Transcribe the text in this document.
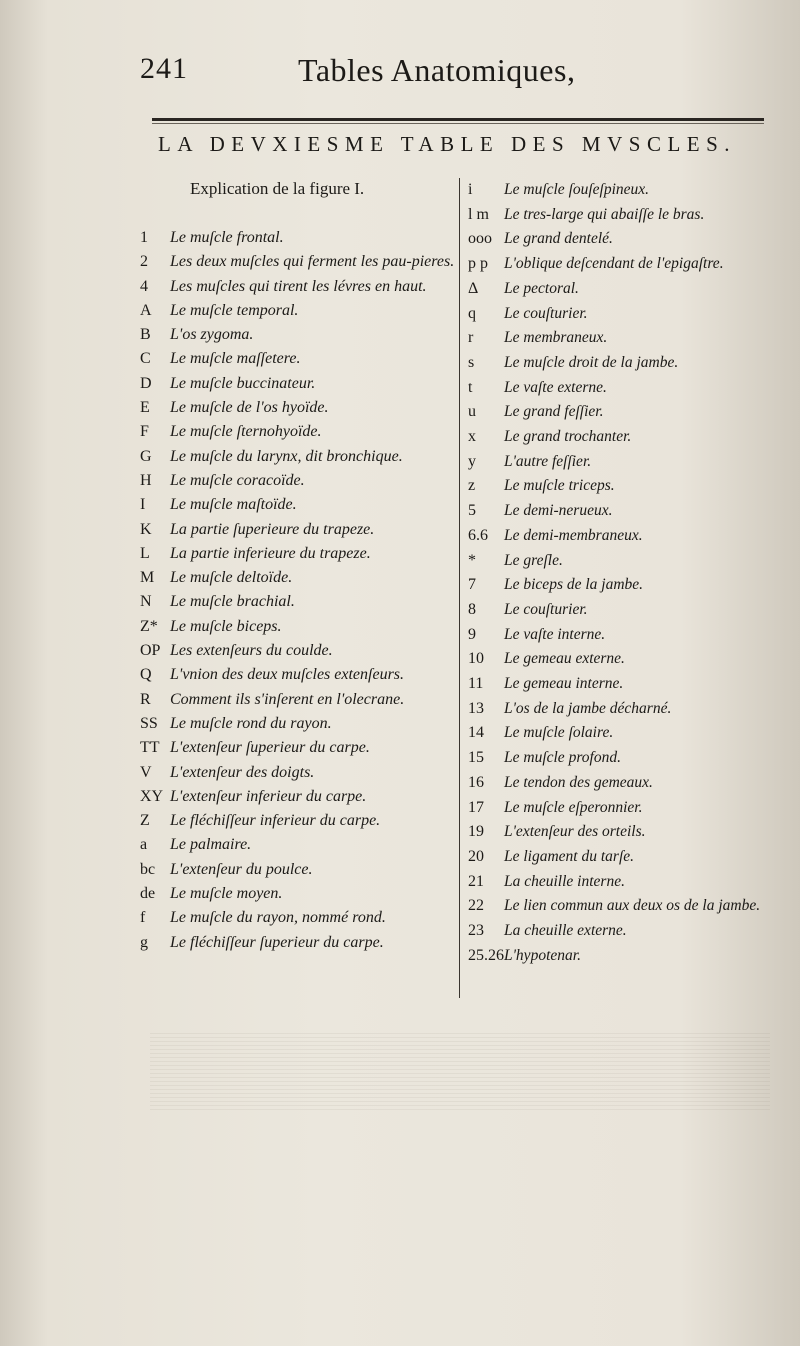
241	Tables Anatomiques,
LA DEVXIESME TABLE DES MVSCLES.
Explication de la figure I.
1	Le muſcle frontal.
2	Les deux muſcles qui ferment les pau-pieres.
4	Les muſcles qui tirent les lévres en haut.
A	Le muſcle temporal.
B	L'os zygoma.
C	Le muſcle maſſetere.
D	Le muſcle buccinateur.
E	Le muſcle de l'os hyoïde.
F	Le muſcle ſternohyoïde.
G	Le muſcle du larynx, dit bronchique.
H	Le muſcle coracoïde.
I	Le muſcle maſtoïde.
K	La partie ſuperieure du trapeze.
L	La partie inferieure du trapeze.
M Le muſcle deltoïde.
N	Le muſcle brachial.
Z* Le muſcle biceps.
OP Les extenſeurs du coulde.
Q	L'vnion des deux muſcles extenſeurs.
R	Comment ils s'inſerent en l'olecrane.
SS Le muſcle rond du rayon.
TT L'extenſeur ſuperieur du carpe.
V	L'extenſeur des doigts.
XY L'extenſeur inferieur du carpe.
Z	Le fléchiſſeur inferieur du carpe.
a	Le palmaire.
bc L'extenſeur du poulce.
de Le muſcle moyen.
f	Le muſcle du rayon, nommé rond.
g	Le fléchiſſeur ſuperieur du carpe.
i	Le muſcle ſouſeſpineux.
l m Le tres-large qui abaiſſe le bras.
ooo Le grand dentelé.
p p	L'oblique deſcendant de l'epigaſtre.
Δ	Le pectoral.
q	Le couſturier.
r	Le membraneux.
s	Le muſcle droit de la jambe.
t	Le vaſte externe.
u	Le grand feſſier.
x	Le grand trochanter.
y	L'autre feſſier.
z	Le muſcle triceps.
5	Le demi-nerueux.
6.6	Le demi-membraneux.
*	Le greſle.
7	Le biceps de la jambe.
8	Le couſturier.
9	Le vaſte interne.
10	Le gemeau externe.
11	Le gemeau interne.
13	L'os de la jambe décharné.
14	Le muſcle ſolaire.
15	Le muſcle profond.
16	Le tendon des gemeaux.
17	Le muſcle eſperonnier.
19	L'extenſeur des orteils.
20	Le ligament du tarſe.
21	La cheuille interne.
22	Le lien commun aux deux os de la jambe.
23	La cheuille externe.
25.26 L'hypotenar.
